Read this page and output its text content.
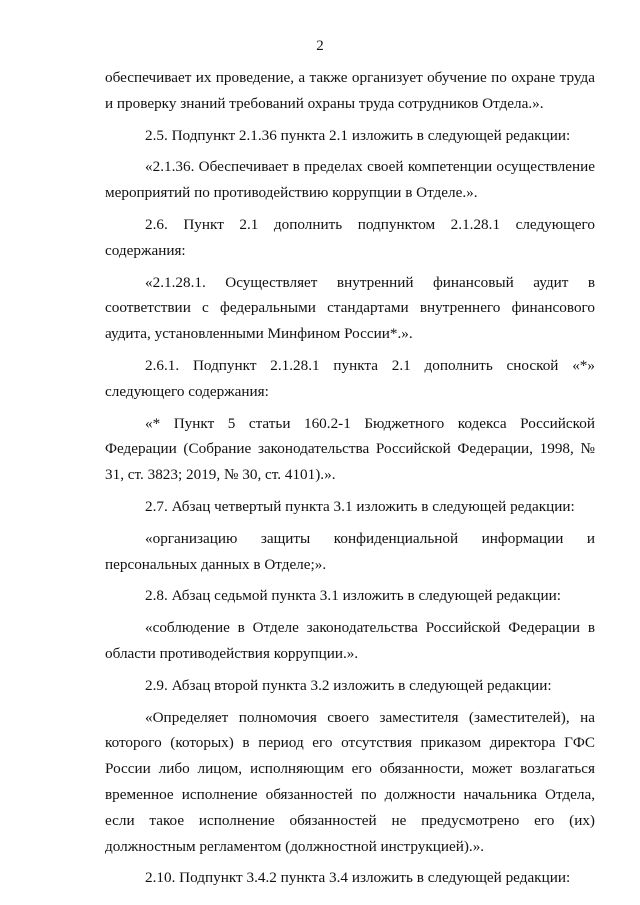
2

обеспечивает их проведение, а также организует обучение по охране труда и проверку знаний требований охраны труда сотрудников Отдела.».

2.5. Подпункт 2.1.36 пункта 2.1 изложить в следующей редакции:

«2.1.36. Обеспечивает в пределах своей компетенции осуществление мероприятий по противодействию коррупции в Отделе.».

2.6. Пункт 2.1 дополнить подпунктом 2.1.28.1 следующего содержания:

«2.1.28.1. Осуществляет внутренний финансовый аудит в соответствии с федеральными стандартами внутреннего финансового аудита, установленными Минфином России*.».

2.6.1. Подпункт 2.1.28.1 пункта 2.1 дополнить сноской «*» следующего содержания:

«* Пункт 5 статьи 160.2-1 Бюджетного кодекса Российской Федерации (Собрание законодательства Российской Федерации, 1998, № 31, ст. 3823; 2019, № 30, ст. 4101).».

2.7. Абзац четвертый пункта 3.1 изложить в следующей редакции:

«организацию защиты конфиденциальной информации и персональных данных в Отделе;».

2.8. Абзац седьмой пункта 3.1 изложить в следующей редакции:

«соблюдение в Отделе законодательства Российской Федерации в области противодействия коррупции.».

2.9. Абзац второй пункта 3.2 изложить в следующей редакции:

«Определяет полномочия своего заместителя (заместителей), на которого (которых) в период его отсутствия приказом директора ГФС России либо лицом, исполняющим его обязанности, может возлагаться временное исполнение обязанностей по должности начальника Отдела, если такое исполнение обязанностей не предусмотрено его (их) должностным регламентом (должностной инструкцией).».

2.10. Подпункт 3.4.2 пункта 3.4 изложить в следующей редакции:
